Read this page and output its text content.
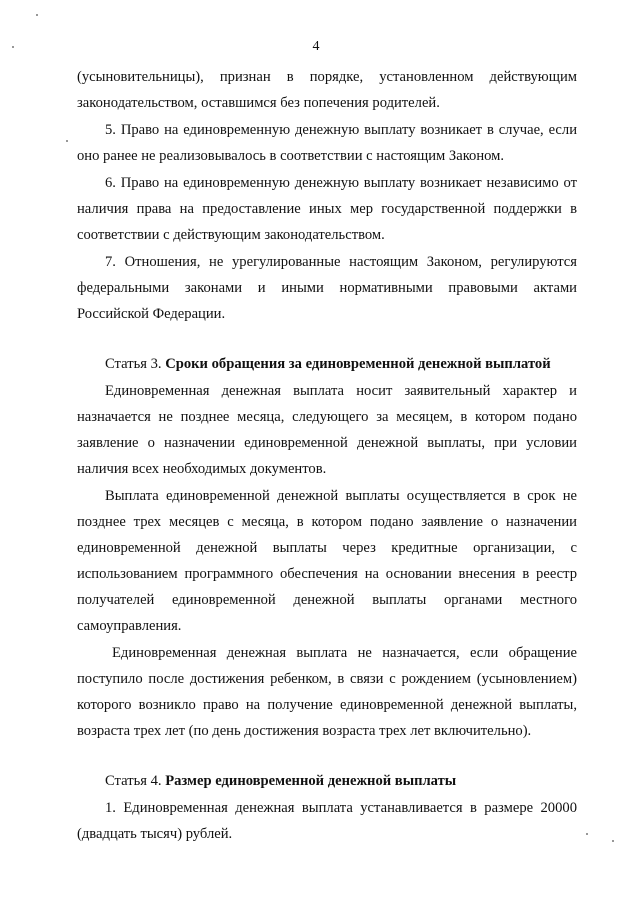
4
(усыновительницы), признан в порядке, установленном действующим
законодательством, оставшимся без попечения родителей.
5. Право на единовременную денежную выплату возникает в случае, если
оно ранее не реализовывалось в соответствии с настоящим Законом.
6. Право на единовременную денежную выплату возникает независимо от
наличия права на предоставление иных мер государственной поддержки в
соответствии с действующим законодательством.
7. Отношения, не урегулированные настоящим Законом, регулируются
федеральными законами и иными нормативными правовыми актами
Российской Федерации.
Статья 3. Сроки обращения за единовременной денежной выплатой
Единовременная денежная выплата носит заявительный характер и
назначается не позднее месяца, следующего за месяцем, в котором подано
заявление о назначении единовременной денежной выплаты, при условии
наличия всех необходимых документов.
Выплата единовременной денежной выплаты осуществляется в срок не
позднее трех месяцев с месяца, в котором подано заявление о назначении
единовременной денежной выплаты через кредитные организации, с
использованием программного обеспечения на основании внесения в реестр
получателей единовременной денежной выплаты органами местного
самоуправления.
Единовременная денежная выплата не назначается, если обращение
поступило после достижения ребенком, в связи с рождением (усыновлением)
которого возникло право на получение единовременной денежной выплаты,
возраста трех лет (по день достижения возраста трех лет включительно).
Статья 4. Размер единовременной денежной выплаты
1. Единовременная денежная выплата устанавливается в размере 20000
(двадцать тысяч) рублей.
